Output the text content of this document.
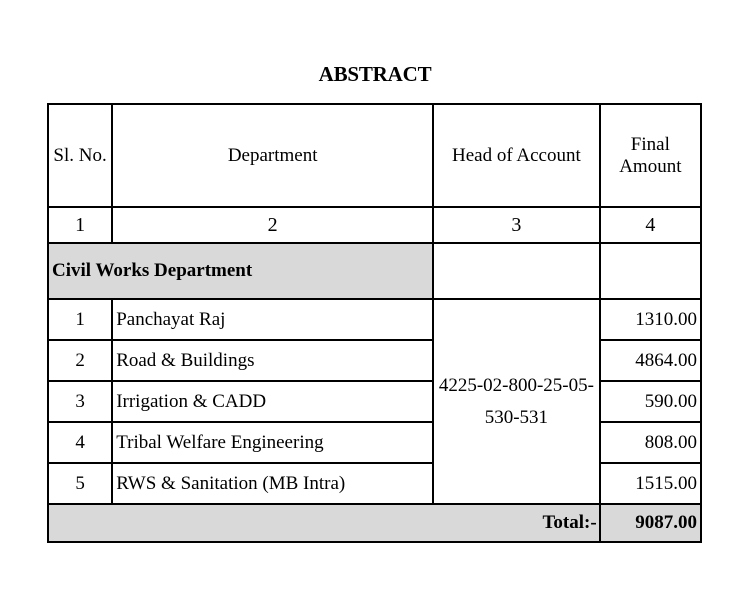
ABSTRACT
Sl. No.	Department	Head of Account	Final Amount
1	2	3	4
Civil Works Department			
1	Panchayat Raj	4225-02-800-25-05-530-531	1310.00
2	Road & Buildings		4864.00
3	Irrigation & CADD		590.00
4	Tribal Welfare Engineering		808.00
5	RWS & Sanitation (MB Intra)		1515.00
Total:-			9087.00
